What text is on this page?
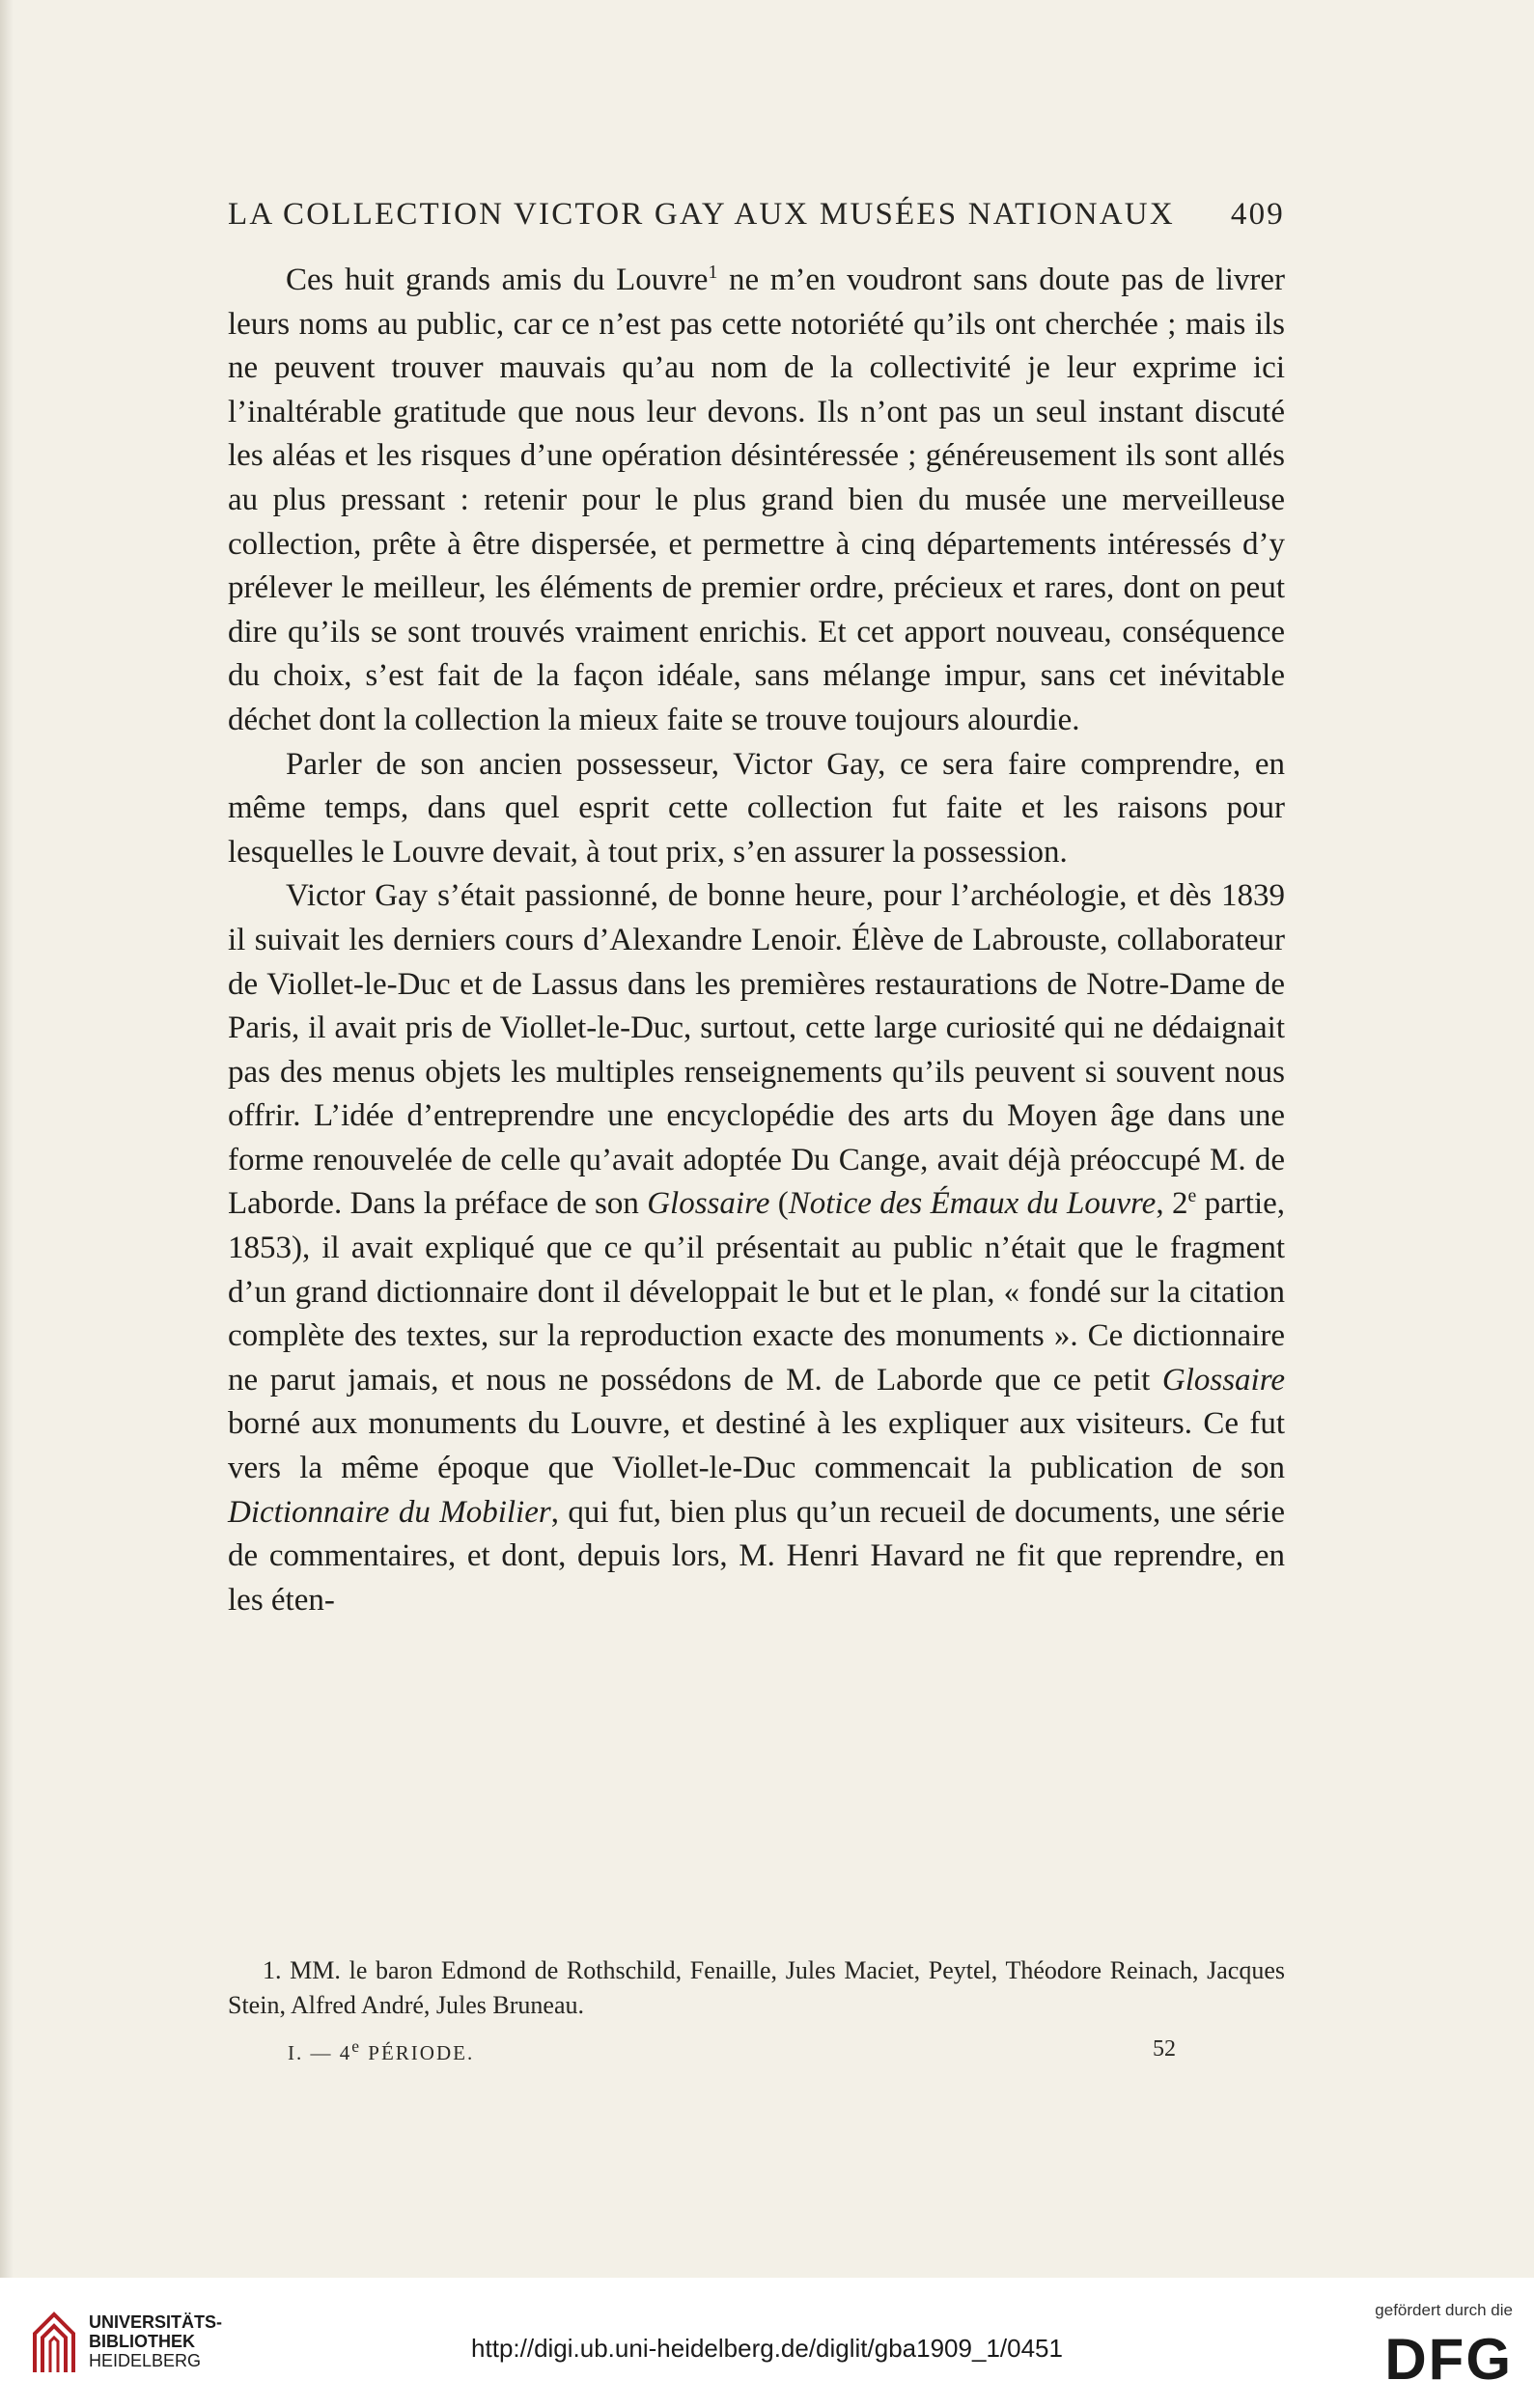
LA COLLECTION VICTOR GAY AUX MUSÉES NATIONAUX 409

Ces huit grands amis du Louvre$^1$ ne m’en voudront sans doute pas de livrer leurs noms au public, car ce n’est pas cette notoriété qu’ils ont cherchée ; mais ils ne peuvent trouver mauvais qu’au nom de la collectivité je leur exprime ici l’inaltérable gratitude que nous leur devons. Ils n’ont pas un seul instant discuté les aléas et les risques d’une opération désintéressée ; généreusement ils sont allés au plus pressant : retenir pour le plus grand bien du musée une merveilleuse collection, prête à être dispersée, et permettre à cinq départements intéressés d’y prélever le meilleur, les éléments de premier ordre, précieux et rares, dont on peut dire qu’ils se sont trouvés vraiment enrichis. Et cet apport nouveau, conséquence du choix, s’est fait de la façon idéale, sans mélange impur, sans cet inévitable déchet dont la collection la mieux faite se trouve toujours alourdie.

Parler de son ancien possesseur, Victor Gay, ce sera faire comprendre, en même temps, dans quel esprit cette collection fut faite et les raisons pour lesquelles le Louvre devait, à tout prix, s’en assurer la possession.

Victor Gay s’était passionné, de bonne heure, pour l’archéologie, et dès 1839 il suivait les derniers cours d’Alexandre Lenoir. Élève de Labrouste, collaborateur de Viollet-le-Duc et de Lassus dans les premières restaurations de Notre-Dame de Paris, il avait pris de Viollet-le-Duc, surtout, cette large curiosité qui ne dédaignait pas des menus objets les multiples renseignements qu’ils peuvent si souvent nous offrir. L’idée d’entreprendre une encyclopédie des arts du Moyen âge dans une forme renouvelée de celle qu’avait adoptée Du Cange, avait déjà préoccupé M. de Laborde. Dans la préface de son Glossaire (Notice des Émaux du Louvre, 2e partie, 1853), il avait expliqué que ce qu’il présentait au public n’était que le fragment d’un grand dictionnaire dont il développait le but et le plan, « fondé sur la citation complète des textes, sur la reproduction exacte des monuments ». Ce dictionnaire ne parut jamais, et nous ne possédons de M. de Laborde que ce petit Glossaire borné aux monuments du Louvre, et destiné à les expliquer aux visiteurs. Ce fut vers la même époque que Viollet-le-Duc commencait la publication de son Dictionnaire du Mobilier, qui fut, bien plus qu’un recueil de documents, une série de commentaires, et dont, depuis lors, M. Henri Havard ne fit que reprendre, en les éten-

1. MM. le baron Edmond de Rothschild, Fenaille, Jules Maciet, Peytel, Théodore Reinach, Jacques Stein, Alfred André, Jules Bruneau.

I. — 4e PÉRIODE.	52
UNIVERSITÄTS-
BIBLIOTHEK
HEIDELBERG	http://digi.ub.uni-heidelberg.de/diglit/gba1909_1/0451
gefördert durch die
DFG
